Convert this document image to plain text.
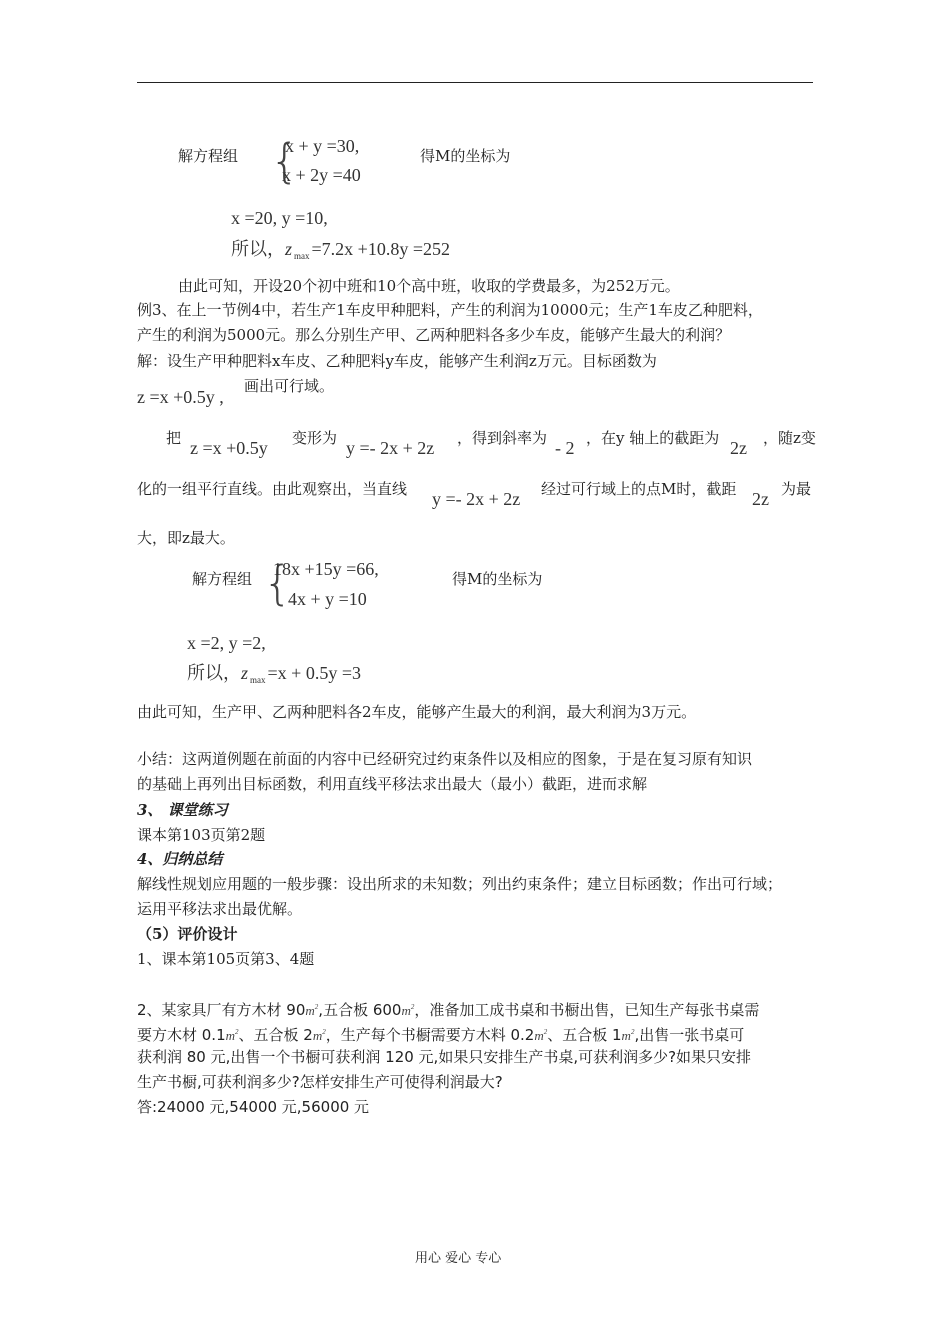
解方程组 {
x + y =30,
x + 2y =40
得M的坐标为
x =20, y =10,
所以，z $_{max}$ =7.2x +10.8y =252
由此可知，开设20个初中班和10个高中班，收取的学费最多，为252万元。
例3、在上一节例4中，若生产1车皮甲种肥料，产生的利润为10000元；生产1车皮乙种肥料，
产生的利润为5000元。那么分别生产甲、乙两种肥料各多少车皮，能够产生最大的利润？
解：设生产甲种肥料x车皮、乙种肥料y车皮，能够产生利润z万元。目标函数为
z =x +0.5y ,
画出可行域。
把 z =x +0.5y 变形为 y =- 2x + 2z ，得到斜率为 - 2 ，在y 轴上的截距为 2z ，随z变
化的一组平行直线。由此观察出，当直线 y =- 2x + 2z 经过可行域上的点M时，截距 2z 为最
大，即z最大。
解方程组 {
18x +15y =66,
4x + y =10
得M的坐标为
x =2, y =2,
所以，z $_{max}$ =x + 0.5y =3
由此可知，生产甲、乙两种肥料各2车皮，能够产生最大的利润，最大利润为3万元。
小结：这两道例题在前面的内容中已经研究过约束条件以及相应的图象，于是在复习原有知识
的基础上再列出目标函数，利用直线平移法求出最大（最小）截距，进而求解
3、 课堂练习
课本第103页第2题
4、归纳总结
解线性规划应用题的一般步骤：设出所求的未知数；列出约束条件；建立目标函数；作出可行域；
运用平移法求出最优解。
（5）评价设计
1、课本第105页第3、4题
2、某家具厂有方木材 $90m^2$,五合板 $600m^2$，准备加工成书桌和书橱出售，已知生产每张书桌需
要方木材 $0.1m^2$、五合板 $2m^2$，生产每个书橱需要方木料 $0.2m^2$、五合板 $1m^2$,出售一张书桌可
获利润 80 元,出售一个书橱可获利润 120 元,如果只安排生产书桌,可获利润多少?如果只安排
生产书橱,可获利润多少?怎样安排生产可使得利润最大?
答:24000 元,54000 元,56000 元
用心 爱心 专心
